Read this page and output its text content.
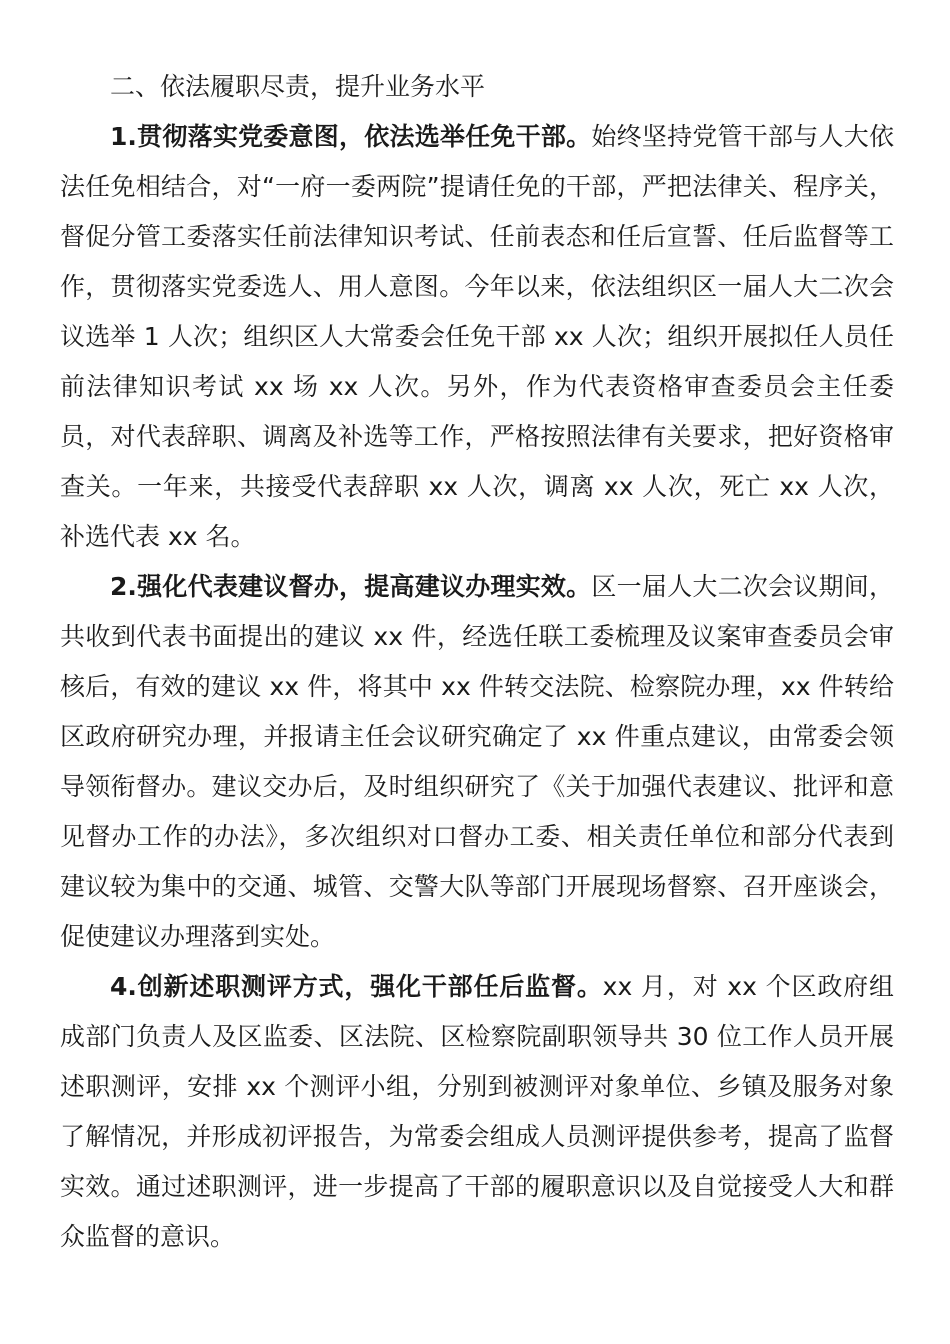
二、依法履职尽责，提升业务水平

1.贯彻落实党委意图，依法选举任免干部。始终坚持党管干部与人大依法任免相结合，对“一府一委两院”提请任免的干部，严把法律关、程序关，督促分管工委落实任前法律知识考试、任前表态和任后宣誓、任后监督等工作，贯彻落实党委选人、用人意图。今年以来，依法组织区一届人大二次会议选举 1 人次；组织区人大常委会任免干部 xx 人次；组织开展拟任人员任前法律知识考试 xx 场 xx 人次。另外，作为代表资格审查委员会主任委员，对代表辞职、调离及补选等工作，严格按照法律有关要求，把好资格审查关。一年来，共接受代表辞职 xx 人次，调离 xx 人次，死亡 xx 人次，补选代表 xx 名。

2.强化代表建议督办，提高建议办理实效。区一届人大二次会议期间，共收到代表书面提出的建议 xx 件，经选任联工委梳理及议案审查委员会审核后，有效的建议 xx 件，将其中 xx 件转交法院、检察院办理，xx 件转给区政府研究办理，并报请主任会议研究确定了 xx 件重点建议，由常委会领导领衔督办。建议交办后，及时组织研究了《关于加强代表建议、批评和意见督办工作的办法》，多次组织对口督办工委、相关责任单位和部分代表到建议较为集中的交通、城管、交警大队等部门开展现场督察、召开座谈会，促使建议办理落到实处。

4.创新述职测评方式，强化干部任后监督。xx 月，对 xx 个区政府组成部门负责人及区监委、区法院、区检察院副职领导共 30 位工作人员开展述职测评，安排 xx 个测评小组，分别到被测评对象单位、乡镇及服务对象了解情况，并形成初评报告，为常委会组成人员测评提供参考，提高了监督实效。通过述职测评，进一步提高了干部的履职意识以及自觉接受人大和群众监督的意识。
